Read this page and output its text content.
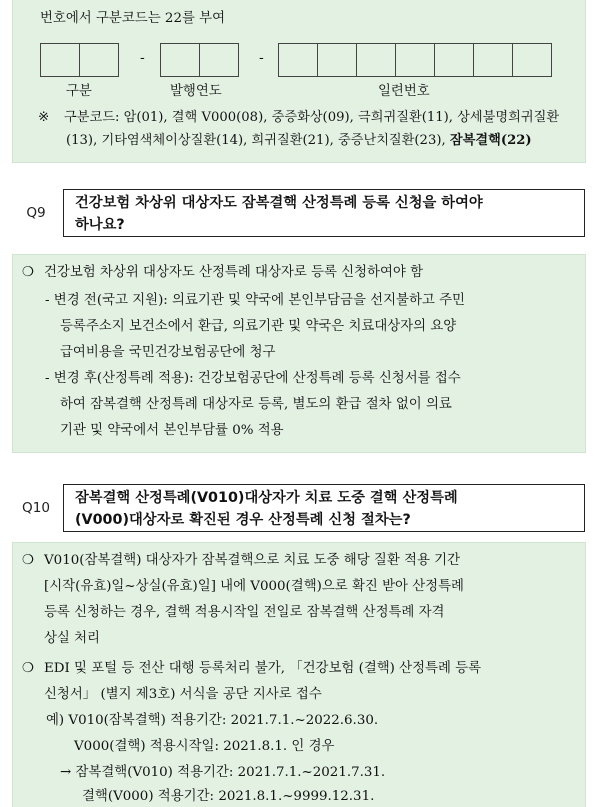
번호에서 구분코드는 22를 부여
-	-
구분	발행연도	일련번호
※ 구분코드: 암(01), 결핵 V000(08), 중증화상(09), 극희귀질환(11), 상세불명희귀질환
(13), 기타염색체이상질환(14), 희귀질환(21), 중증난치질환(23), 잠복결핵(22)
Q9
건강보험 차상위 대상자도 잠복결핵 산정특례 등록 신청을 하여야
하나요?
❍ 건강보험 차상위 대상자도 산정특례 대상자로 등록 신청하여야 함
- 변경 전(국고 지원): 의료기관 및 약국에 본인부담금을 선지불하고 주민
등록주소지 보건소에서 환급, 의료기관 및 약국은 치료대상자의 요양
급여비용을 국민건강보험공단에 청구
- 변경 후(산정특례 적용): 건강보험공단에 산정특례 등록 신청서를 접수
하여 잠복결핵 산정특례 대상자로 등록, 별도의 환급 절차 없이 의료
기관 및 약국에서 본인부담률 0% 적용
Q10
잠복결핵 산정특례(V010)대상자가 치료 도중 결핵 산정특례
(V000)대상자로 확진된 경우 산정특례 신청 절차는?
❍ V010(잠복결핵) 대상자가 잠복결핵으로 치료 도중 해당 질환 적용 기간
[시작(유효)일~상실(유효)일] 내에 V000(결핵)으로 확진 받아 산정특례
등록 신청하는 경우, 결핵 적용시작일 전일로 잠복결핵 산정특례 자격
상실 처리
❍ EDI 및 포털 등 전산 대행 등록처리 불가, 「건강보험 (결핵) 산정특례 등록
신청서」 (별지 제3호) 서식을 공단 지사로 접수
예) V010(잠복결핵) 적용기간: 2021.7.1.~2022.6.30.
V000(결핵) 적용시작일: 2021.8.1. 인 경우
→ 잠복결핵(V010) 적용기간: 2021.7.1.~2021.7.31.
결핵(V000) 적용기간: 2021.8.1.~9999.12.31.
